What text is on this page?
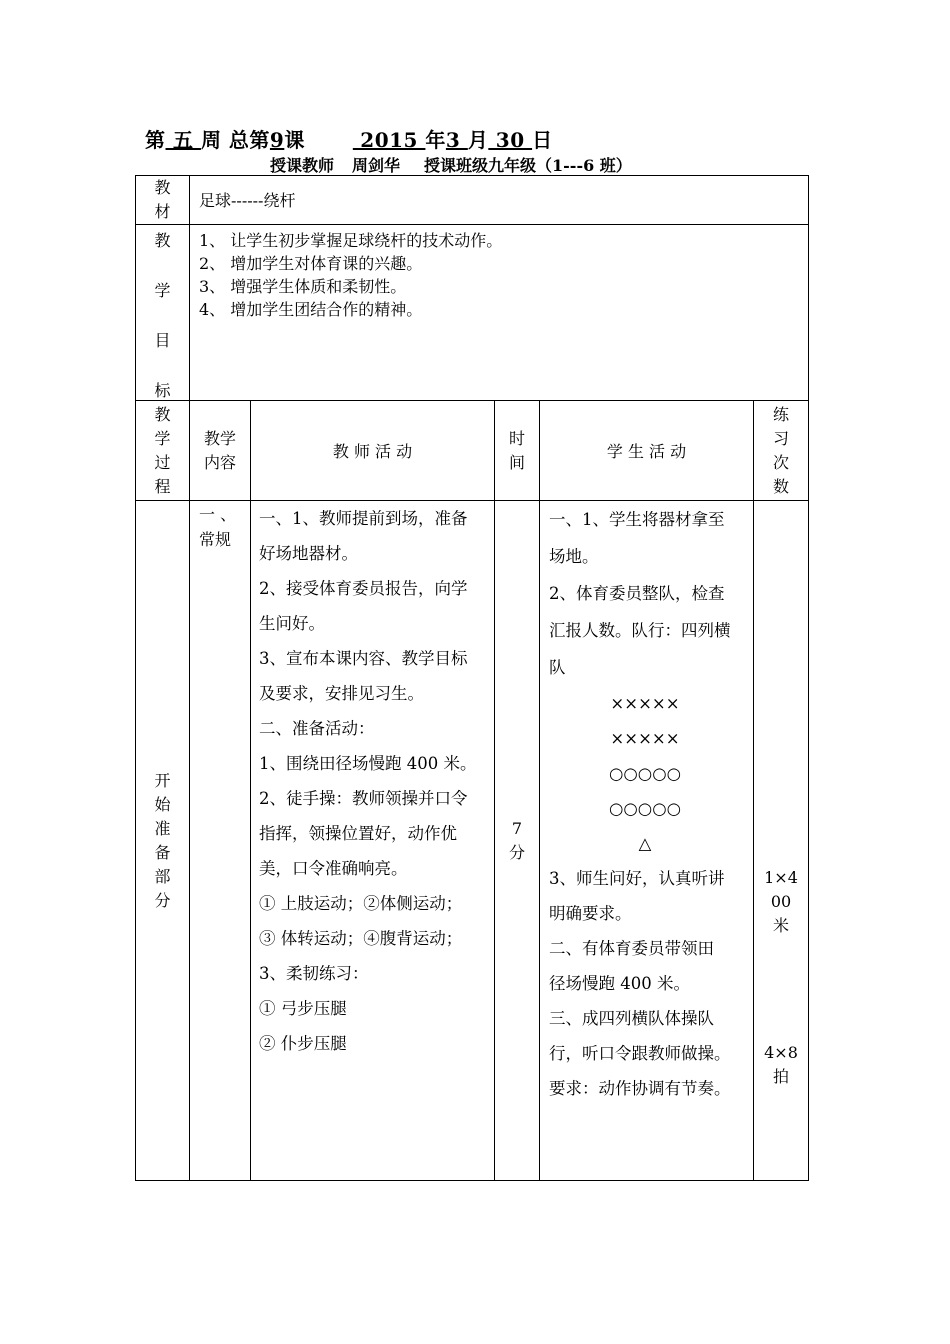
第 五 周 总第9课 2015 年3 月 30 日
授课教师 周剑华 授课班级九年级（1---6 班）
教
材
足球------绕杆
教
学
目
标
1、 让学生初步掌握足球绕杆的技术动作。
2、 增加学生对体育课的兴趣。
3、 增强学生体质和柔韧性。
4、 增加学生团结合作的精神。
教
学
过
程
教学
内容
教 师 活 动
时
间
学 生 活 动
练
习
次
数
开
始
准
备
部
分
一 、
常规
一、1、教师提前到场，准备
好场地器材。
2、接受体育委员报告，向学
生问好。
3、宣布本课内容、教学目标
及要求，安排见习生。
二、准备活动：
1、围绕田径场慢跑 400 米。
2、徒手操：教师领操并口令
指挥，领操位置好，动作优
美，口令准确响亮。
① 上肢运动；②体侧运动；
③ 体转运动；④腹背运动；
3、柔韧练习：
① 弓步压腿
② 仆步压腿
7
分
一、1、学生将器材拿至
场地。
2、体育委员整队，检查
汇报人数。队行：四列横
队
×××××
×××××
○○○○○
○○○○○
△
3、师生问好，认真听讲
明确要求。
二、有体育委员带领田
径场慢跑 400 米。
三、成四列横队体操队
行，听口令跟教师做操。
要求：动作协调有节奏。
1×4
00
米
4×8
拍
